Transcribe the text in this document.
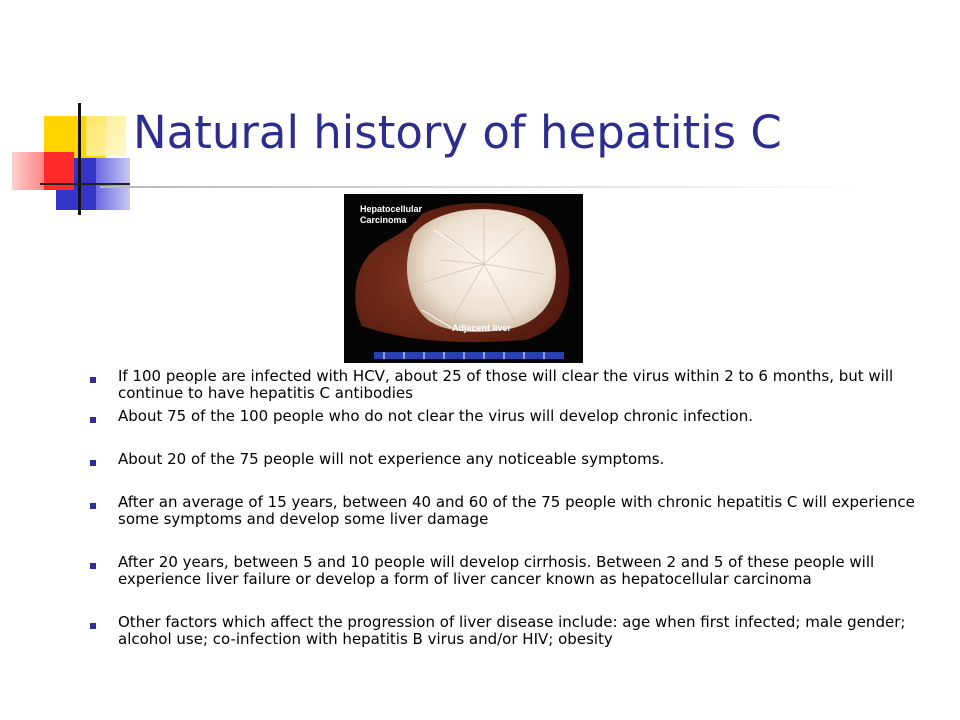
Natural history of hepatitis C
Hepatocellular
Carcinoma
Adjacent liver
If 100 people are infected with HCV, about 25 of those will clear the virus within 2 to 6 months, but will continue to have hepatitis C antibodies
About 75 of the 100 people who do not clear the virus will develop chronic infection.
About 20 of the 75 people will not experience any noticeable symptoms.
After an average of 15 years, between 40 and 60 of the 75 people with chronic hepatitis C will experience some symptoms and develop some liver damage
After 20 years, between 5 and 10 people will develop cirrhosis. Between 2 and 5 of these people will experience liver failure or develop a form of liver cancer known as hepatocellular carcinoma
Other factors which affect the progression of liver disease include: age when first infected; male gender; alcohol use; co-infection with hepatitis B virus and/or HIV; obesity
